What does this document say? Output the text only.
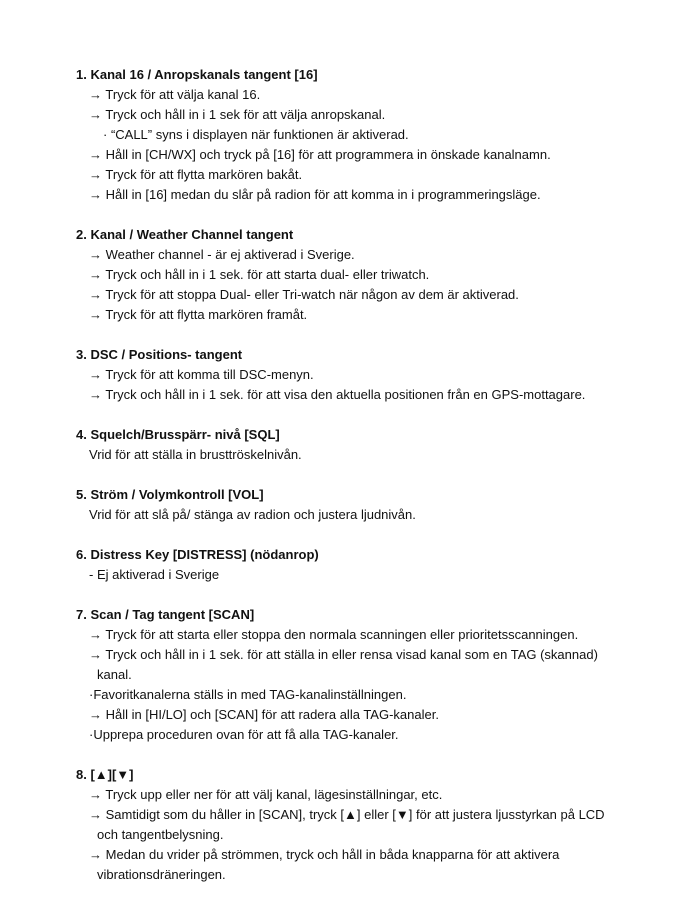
1. Kanal 16 / Anropskanals tangent [16]
→ Tryck för att välja kanal 16.
→ Tryck och håll in i 1 sek för att välja anropskanal.
· “CALL” syns i displayen när funktionen är aktiverad.
→ Håll in [CH/WX] och tryck på [16] för att programmera in önskade kanalnamn.
→ Tryck för att flytta markören bakåt.
→ Håll in [16] medan du slår på radion för att komma in i programmeringsläge.
2. Kanal / Weather Channel tangent
→ Weather channel - är ej aktiverad i Sverige.
→ Tryck och håll in i 1 sek. för att starta dual- eller triwatch.
→ Tryck för att stoppa Dual- eller Tri-watch när någon av dem är aktiverad.
→ Tryck för att flytta markören framåt.
3. DSC / Positions- tangent
→ Tryck för att komma till DSC-menyn.
→ Tryck och håll in i 1 sek. för att visa den aktuella positionen från en GPS-mottagare.
4. Squelch/Brusspärr- nivå [SQL]
Vrid för att ställa in brusttröskelnivån.
5. Ström / Volymkontroll [VOL]
Vrid för att slå på/ stänga av radion och justera ljudnivån.
6. Distress Key [DISTRESS] (nödanrop)
- Ej aktiverad i Sverige
7. Scan / Tag tangent [SCAN]
→ Tryck för att starta eller stoppa den normala scanningen eller prioritetsscanningen.
→ Tryck och håll in i 1 sek. för att ställa in eller rensa visad kanal som en TAG (skannad)
kanal.
·Favoritkanalerna ställs in med TAG-kanalinställningen.
→ Håll in [HI/LO] och [SCAN] för att radera alla TAG-kanaler.
·Upprepa proceduren ovan för att få alla TAG-kanaler.
8. [▲][▼]
→ Tryck upp eller ner för att välj kanal, lägesinställningar, etc.
→ Samtidigt som du håller in [SCAN], tryck [▲] eller [▼] för att justera ljusstyrkan på LCD
och tangentbelysning.
→ Medan du vrider på strömmen, tryck och håll in båda knapparna för att aktivera
vibrationsdräneringen.
